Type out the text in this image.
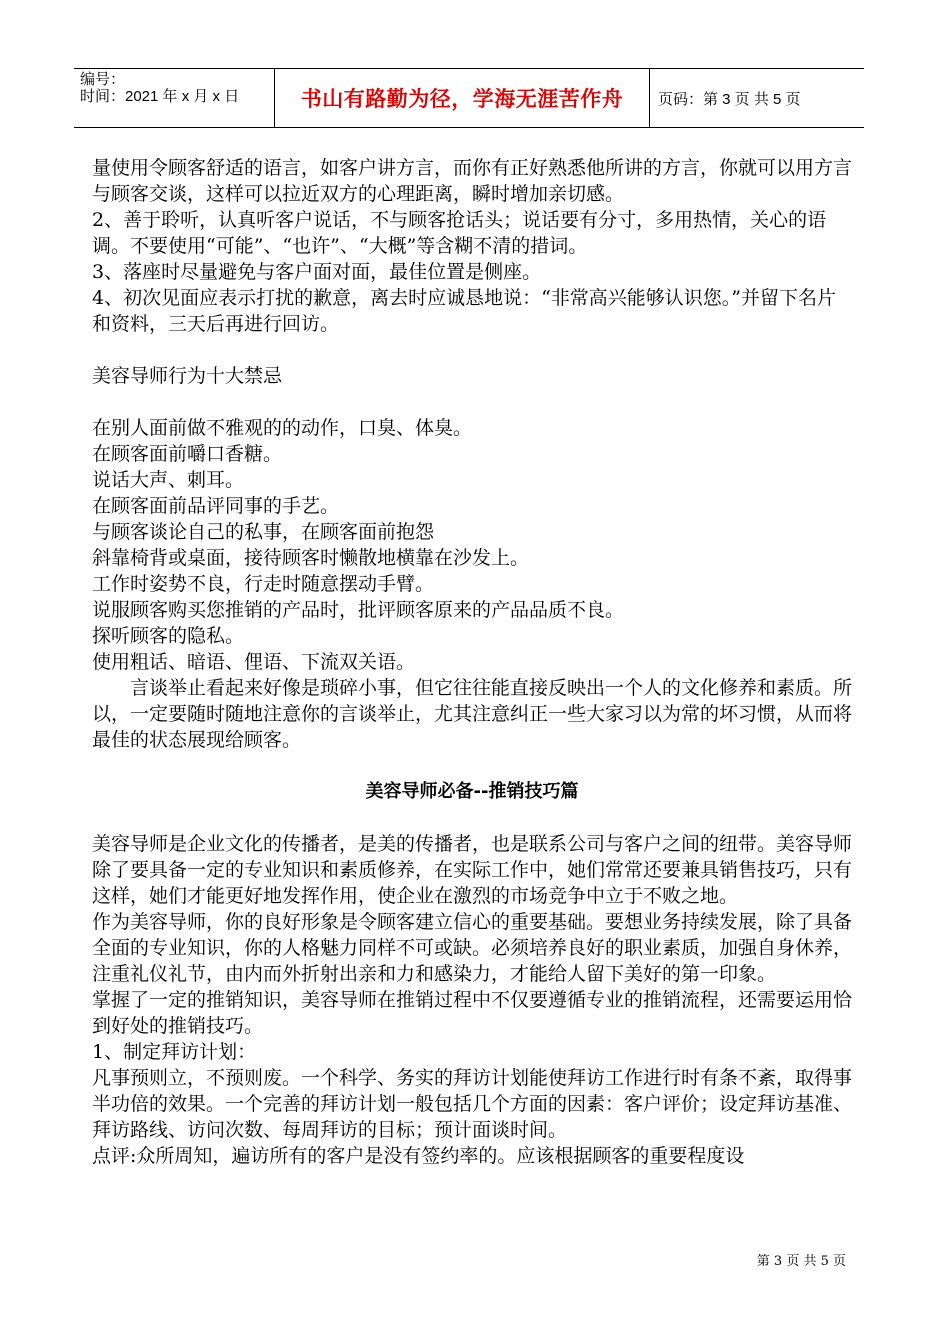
编号：
时间：2021 年 x 月 x 日	书山有路勤为径，学海无涯苦作舟	页码：第 3 页 共 5 页

量使用令顾客舒适的语言，如客户讲方言，而你有正好熟悉他所讲的方言，你就可以用方言与顾客交谈，这样可以拉近双方的心理距离，瞬时增加亲切感。

2、善于聆听，认真听客户说话，不与顾客抢话头；说话要有分寸，多用热情，关心的语调。不要使用“可能”、“也许”、“大概”等含糊不清的措词。

3、落座时尽量避免与客户面对面，最佳位置是侧座。

4、初次见面应表示打扰的歉意，离去时应诚恳地说：“非常高兴能够认识您。”并留下名片和资料，三天后再进行回访。

美容导师行为十大禁忌

在别人面前做不雅观的的动作，口臭、体臭。

在顾客面前嚼口香糖。

说话大声、刺耳。

在顾客面前品评同事的手艺。

与顾客谈论自己的私事，在顾客面前抱怨

斜靠椅背或桌面，接待顾客时懒散地横靠在沙发上。

工作时姿势不良，行走时随意摆动手臂。

说服顾客购买您推销的产品时，批评顾客原来的产品品质不良。

探听顾客的隐私。

使用粗话、暗语、俚语、下流双关语。

言谈举止看起来好像是琐碎小事，但它往往能直接反映出一个人的文化修养和素质。所以，一定要随时随地注意你的言谈举止，尤其注意纠正一些大家习以为常的坏习惯，从而将最佳的状态展现给顾客。

美容导师必备--推销技巧篇

美容导师是企业文化的传播者，是美的传播者，也是联系公司与客户之间的纽带。美容导师除了要具备一定的专业知识和素质修养，在实际工作中，她们常常还要兼具销售技巧，只有这样，她们才能更好地发挥作用，使企业在激烈的市场竞争中立于不败之地。

作为美容导师，你的良好形象是令顾客建立信心的重要基础。要想业务持续发展，除了具备全面的专业知识，你的人格魅力同样不可或缺。必须培养良好的职业素质，加强自身休养，注重礼仪礼节，由内而外折射出亲和力和感染力，才能给人留下美好的第一印象。

掌握了一定的推销知识，美容导师在推销过程中不仅要遵循专业的推销流程，还需要运用恰到好处的推销技巧。

1、制定拜访计划：

凡事预则立，不预则废。一个科学、务实的拜访计划能使拜访工作进行时有条不紊，取得事半功倍的效果。一个完善的拜访计划一般包括几个方面的因素：客户评价；设定拜访基准、拜访路线、访问次数、每周拜访的目标；预计面谈时间。

点评:众所周知，遍访所有的客户是没有签约率的。应该根据顾客的重要程度设

第 3 页 共 5 页
